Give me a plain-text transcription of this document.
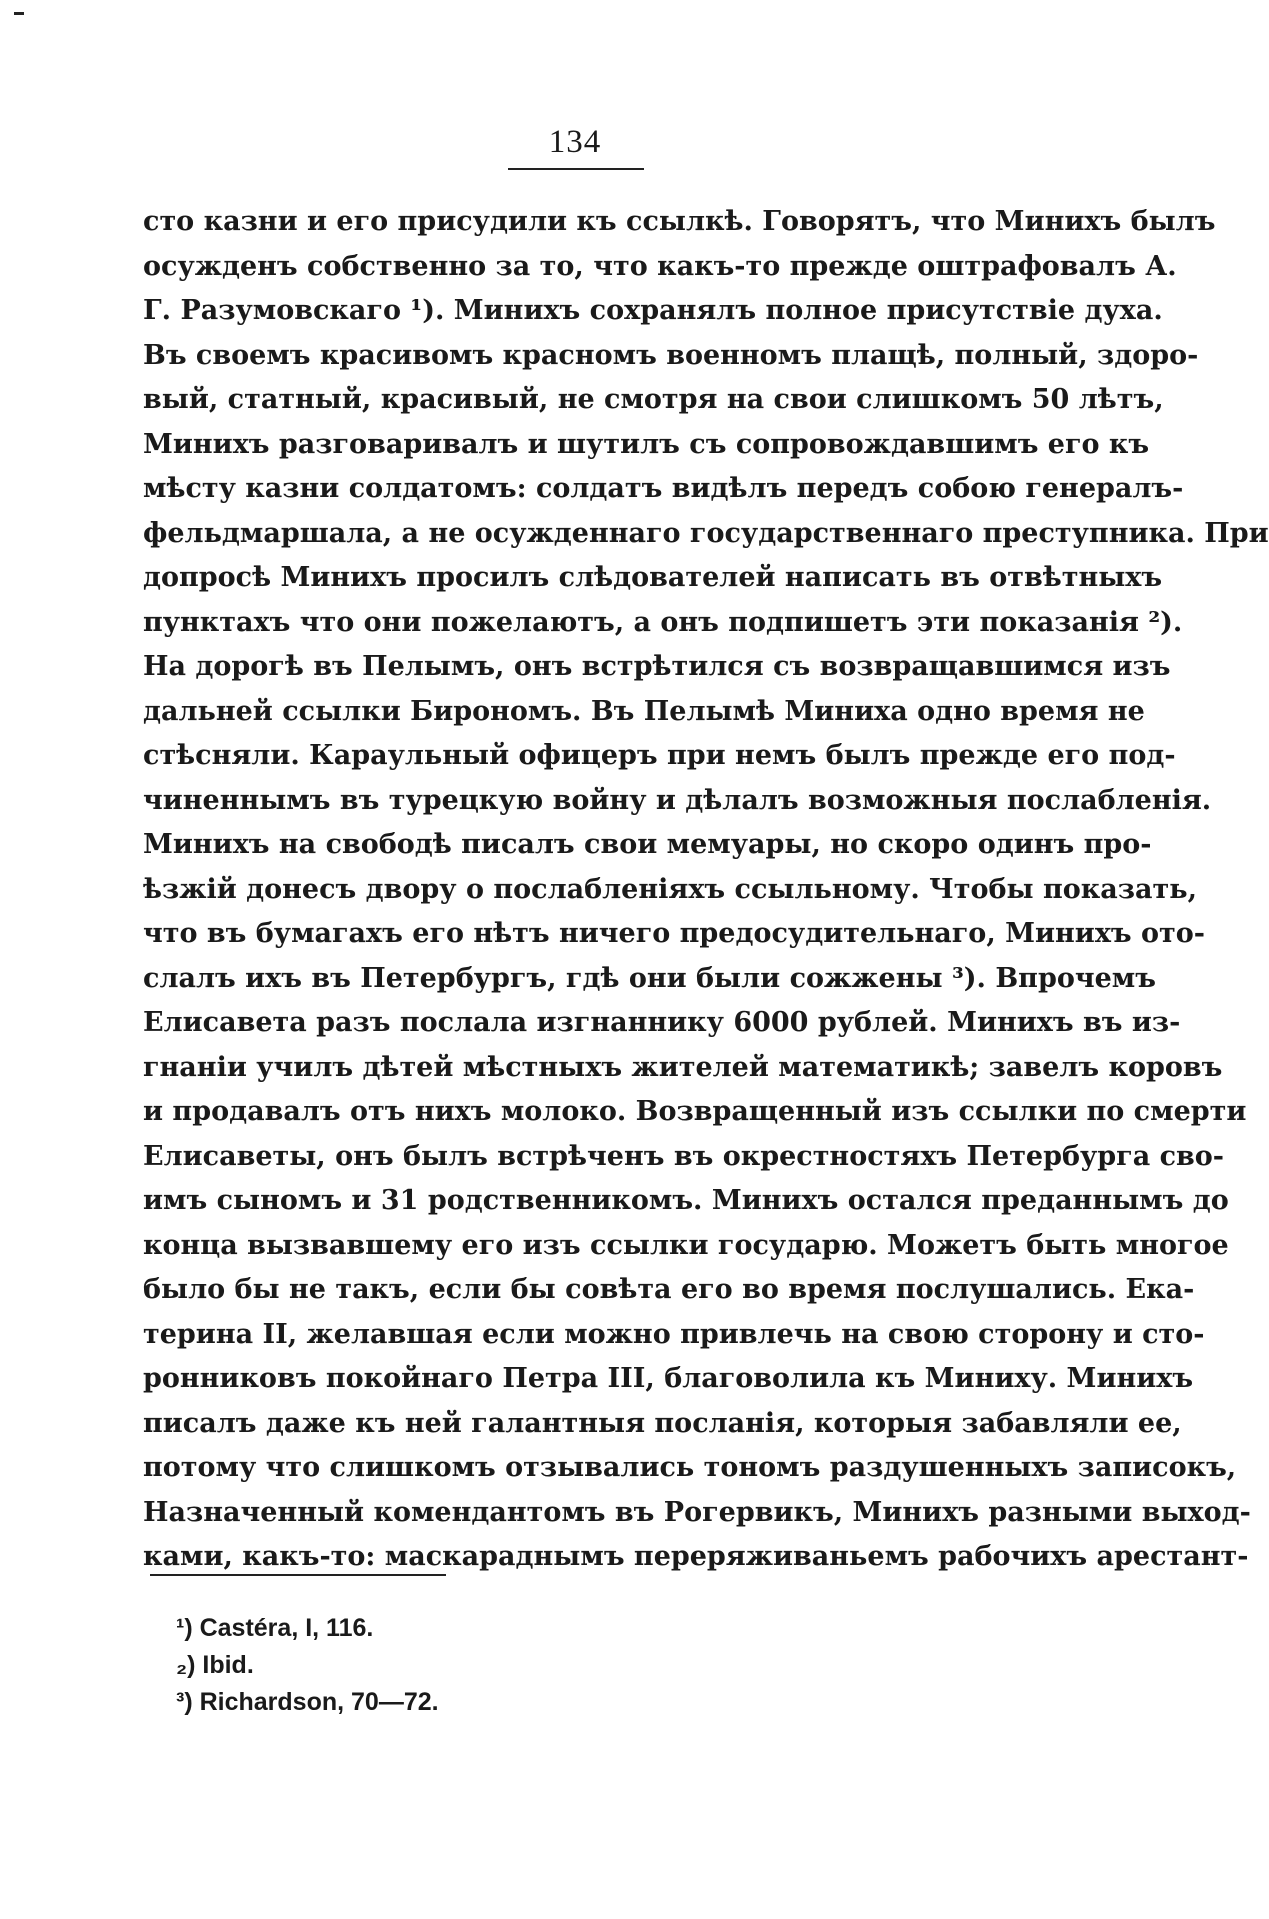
134
сто казни и его присудили къ ссылкѣ. Говорятъ, что Минихъ былъ
осужденъ собственно за то, что какъ-то прежде оштрафовалъ А.
Г. Разумовскаго ¹). Минихъ сохранялъ полное присутствіе духа.
Въ своемъ красивомъ красномъ военномъ плащѣ, полный, здоро-
вый, статный, красивый, не смотря на свои слишкомъ 50 лѣтъ,
Минихъ разговаривалъ и шутилъ съ сопровождавшимъ его къ
мѣсту казни солдатомъ: солдатъ видѣлъ передъ собою генералъ-
фельдмаршала, а не осужденнаго государственнаго преступника. При
допросѣ Минихъ просилъ слѣдователей написать въ отвѣтныхъ
пунктахъ что они пожелаютъ, а онъ подпишетъ эти показанія ²).
На дорогѣ въ Пелымъ, онъ встрѣтился съ возвращавшимся изъ
дальней ссылки Бирономъ. Въ Пелымѣ Миниха одно время не
стѣсняли. Караульный офицеръ при немъ былъ прежде его под-
чиненнымъ въ турецкую войну и дѣлалъ возможныя послабленія.
Минихъ на свободѣ писалъ свои мемуары, но скоро одинъ про-
ѣзжій донесъ двору о послабленіяхъ ссыльному. Чтобы показать,
что въ бумагахъ его нѣтъ ничего предосудительнаго, Минихъ ото-
слалъ ихъ въ Петербургъ, гдѣ они были сожжены ³). Впрочемъ
Елисавета разъ послала изгнаннику 6000 рублей. Минихъ въ из-
гнаніи училъ дѣтей мѣстныхъ жителей математикѣ; завелъ коровъ
и продавалъ отъ нихъ молоко. Возвращенный изъ ссылки по смерти
Елисаветы, онъ былъ встрѣченъ въ окрестностяхъ Петербурга сво-
имъ сыномъ и 31 родственникомъ. Минихъ остался преданнымъ до
конца вызвавшему его изъ ссылки государю. Можетъ быть многое
было бы не такъ, если бы совѣта его во время послушались. Ека-
терина II, желавшая если можно привлечь на свою сторону и сто-
ронниковъ покойнаго Петра III, благоволила къ Миниху. Минихъ
писалъ даже къ ней галантныя посланія, которыя забавляли ее,
потому что слишкомъ отзывались тономъ раздушенныхъ записокъ,
Назначенный комендантомъ въ Рогервикъ, Минихъ разными выход-
ками, какъ-то: маскараднымъ переряживаньемъ рабочихъ арестант-
¹) Castéra, I, 116.
₂) Ibid.
³) Richardson, 70—72.
